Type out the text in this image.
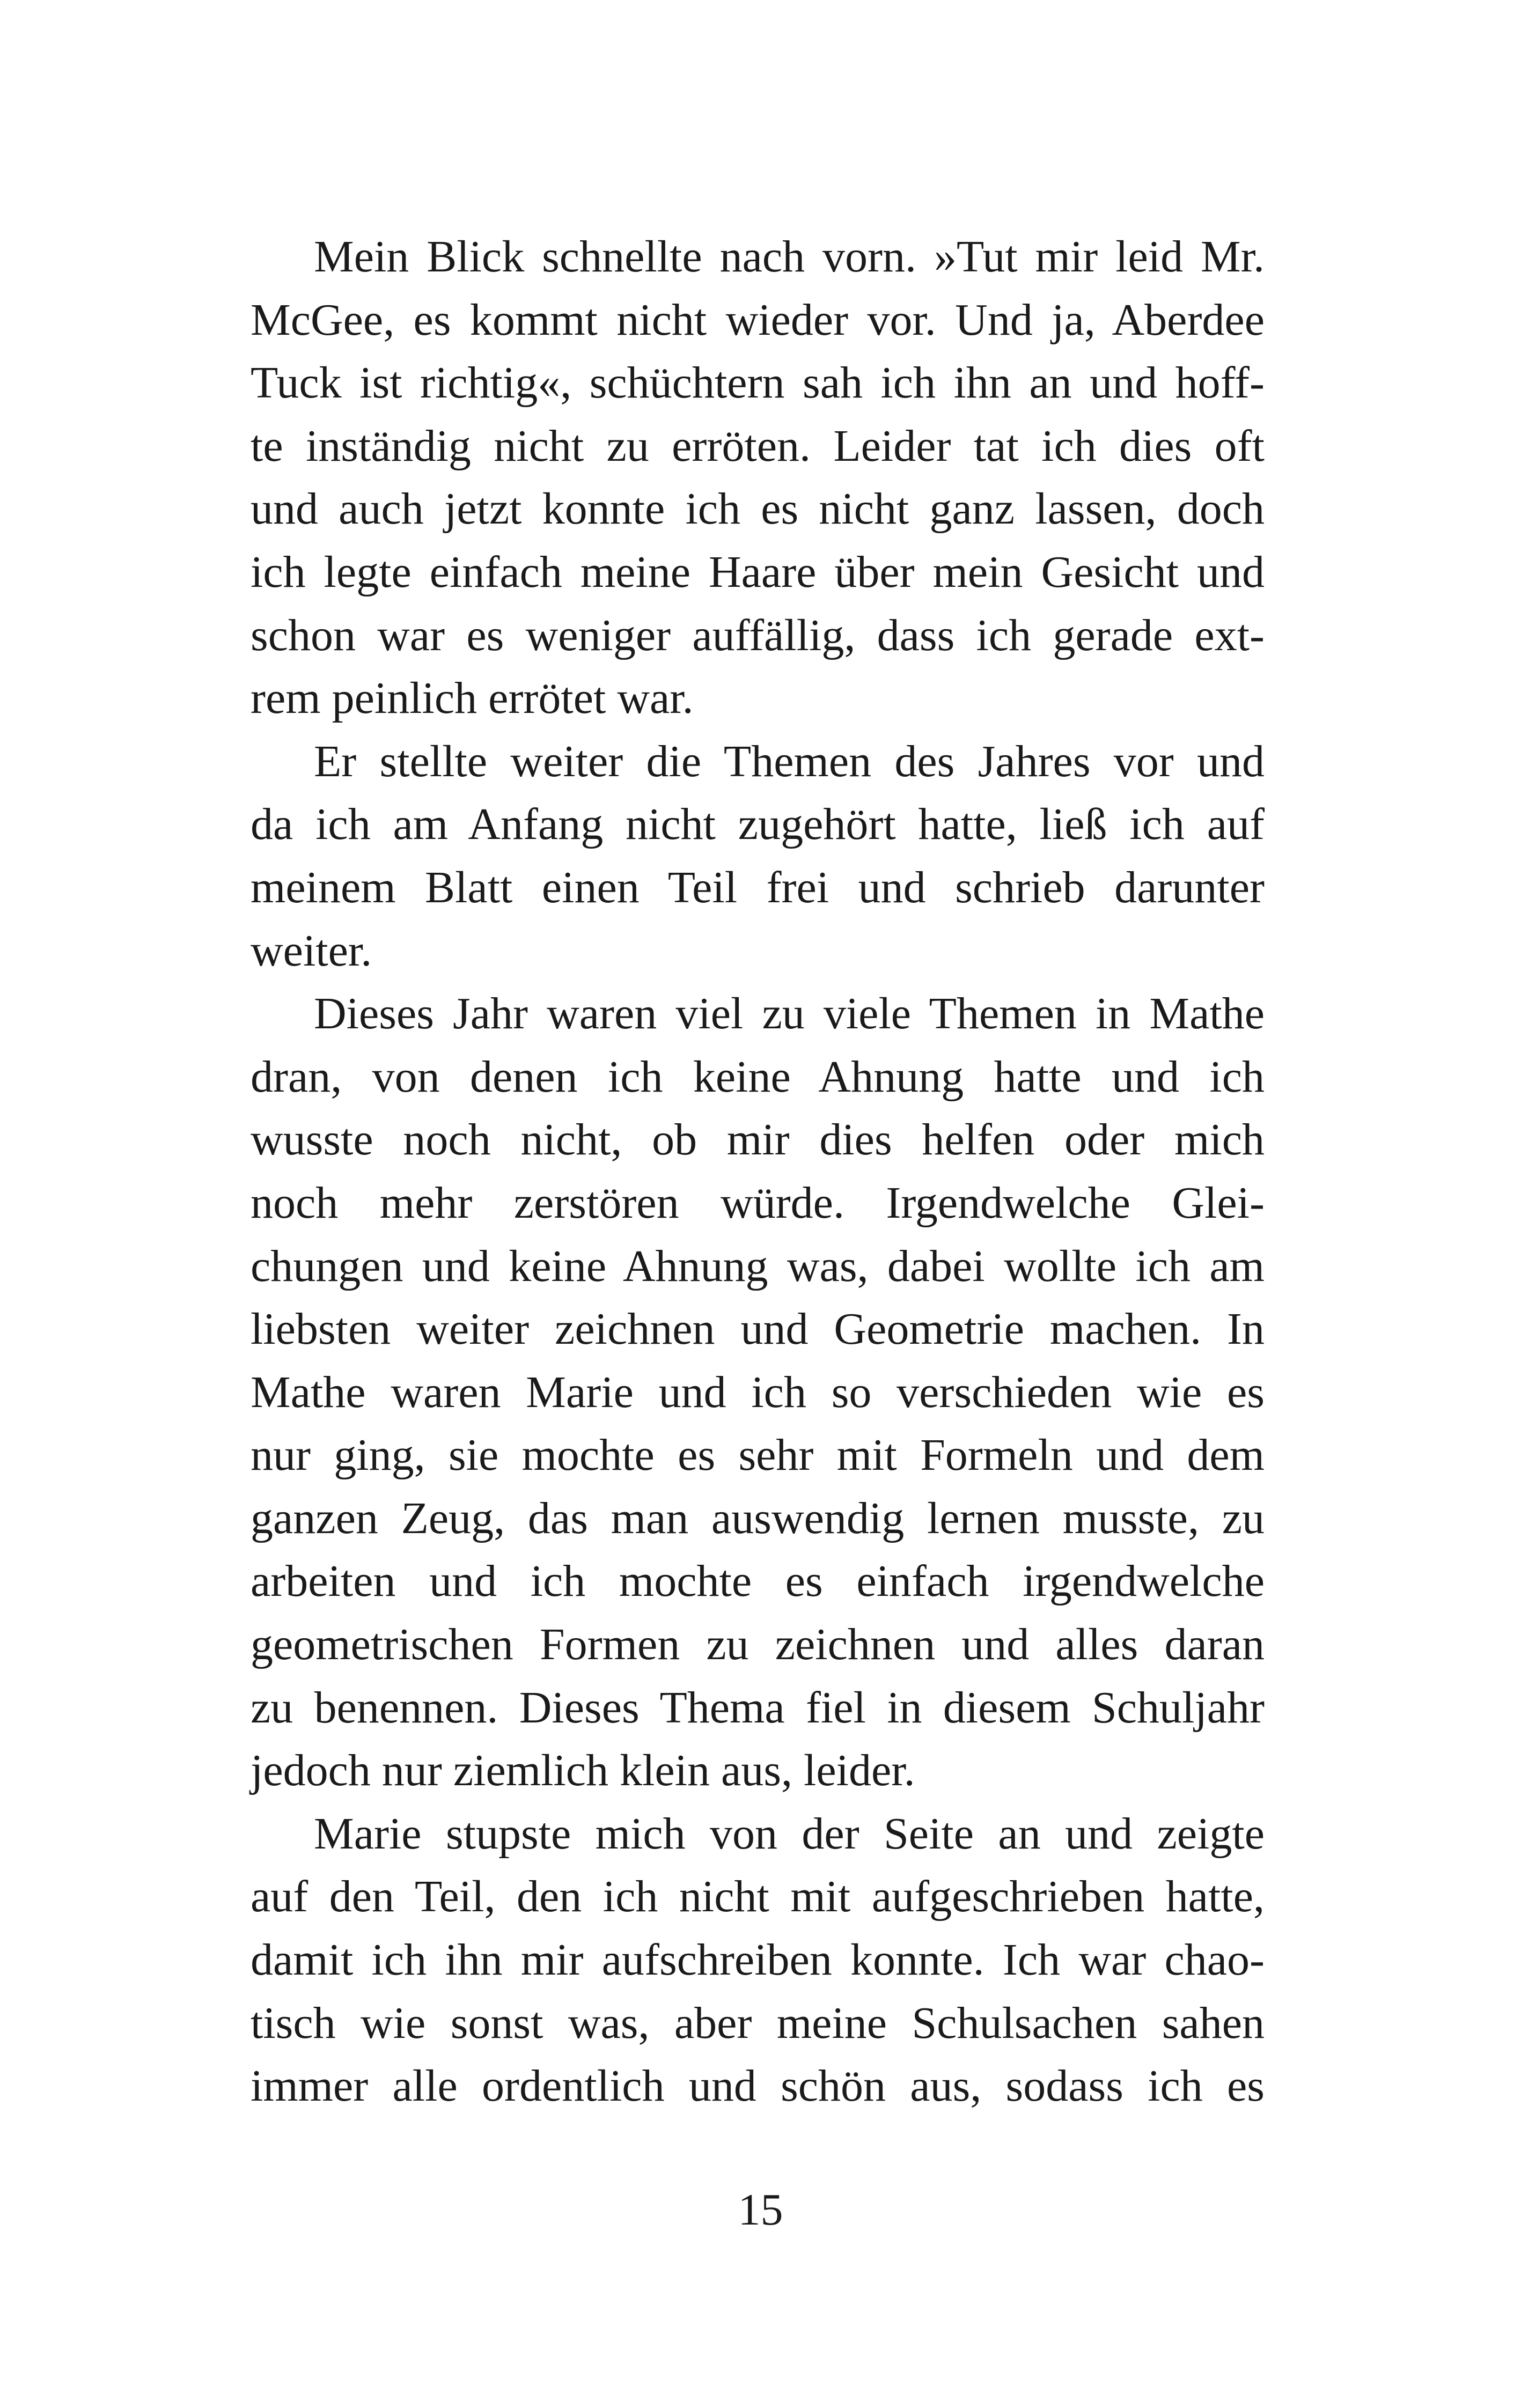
Mein Blick schnellte nach vorn. »Tut mir leid Mr.
McGee, es kommt nicht wieder vor. Und ja, Aberdee
Tuck ist richtig«, schüchtern sah ich ihn an und hoff-
te inständig nicht zu erröten. Leider tat ich dies oft
und auch jetzt konnte ich es nicht ganz lassen, doch
ich legte einfach meine Haare über mein Gesicht und
schon war es weniger auffällig, dass ich gerade ext-
rem peinlich errötet war.
Er stellte weiter die Themen des Jahres vor und
da ich am Anfang nicht zugehört hatte, ließ ich auf
meinem Blatt einen Teil frei und schrieb darunter
weiter.
Dieses Jahr waren viel zu viele Themen in Mathe
dran, von denen ich keine Ahnung hatte und ich
wusste noch nicht, ob mir dies helfen oder mich
noch mehr zerstören würde. Irgendwelche Glei-
chungen und keine Ahnung was, dabei wollte ich am
liebsten weiter zeichnen und Geometrie machen. In
Mathe waren Marie und ich so verschieden wie es
nur ging, sie mochte es sehr mit Formeln und dem
ganzen Zeug, das man auswendig lernen musste, zu
arbeiten und ich mochte es einfach irgendwelche
geometrischen Formen zu zeichnen und alles daran
zu benennen. Dieses Thema fiel in diesem Schuljahr
jedoch nur ziemlich klein aus, leider.
Marie stupste mich von der Seite an und zeigte
auf den Teil, den ich nicht mit aufgeschrieben hatte,
damit ich ihn mir aufschreiben konnte. Ich war chao-
tisch wie sonst was, aber meine Schulsachen sahen
immer alle ordentlich und schön aus, sodass ich es
15
